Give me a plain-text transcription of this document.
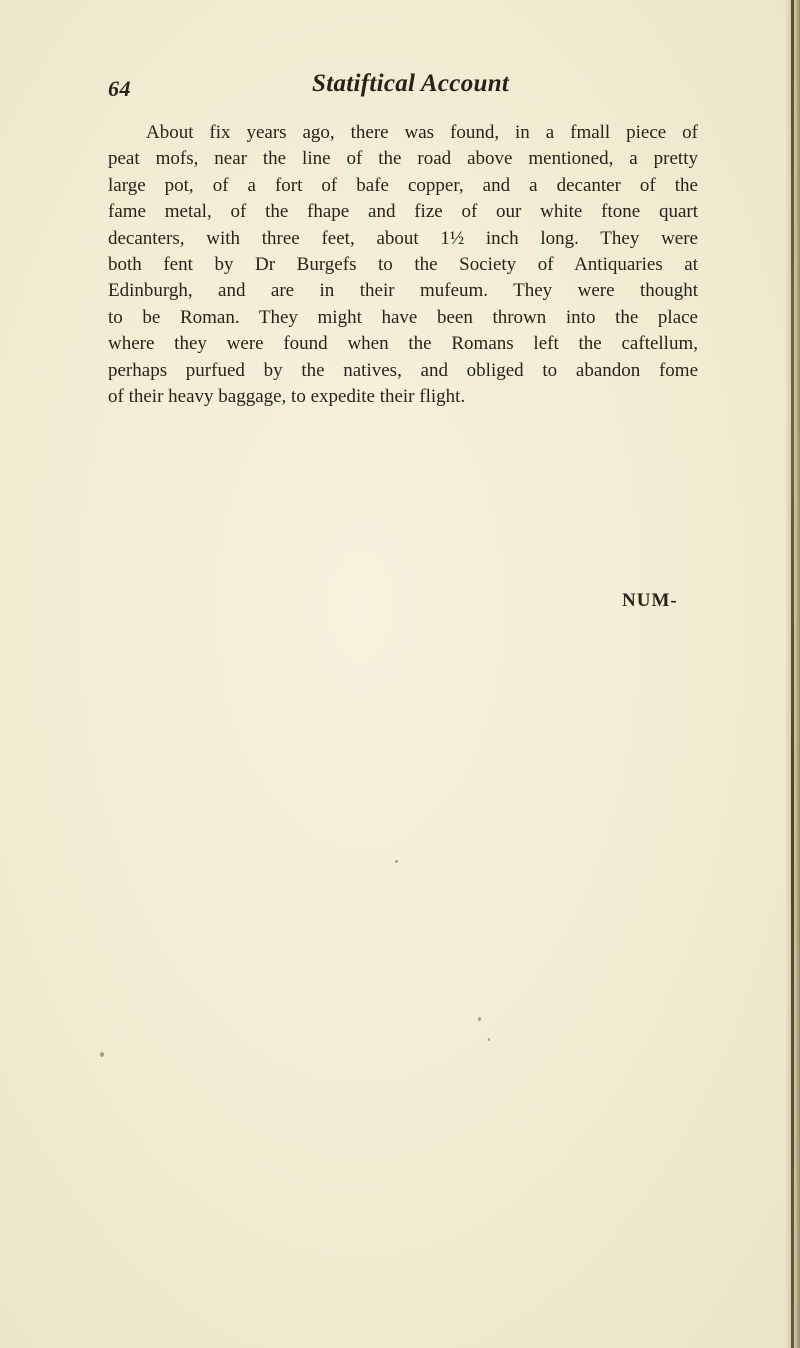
64	Statiftical Account
About fix years ago, there was found, in a fmall piece of
peat mofs, near the line of the road above mentioned, a pretty
large pot, of a fort of bafe copper, and a decanter of the
fame metal, of the fhape and fize of our white ftone quart
decanters, with three feet, about 1½ inch long. They were
both fent by Dr Burgefs to the Society of Antiquaries at
Edinburgh, and are in their mufeum. They were thought
to be Roman. They might have been thrown into the place
where they were found when the Romans left the caftellum,
perhaps purfued by the natives, and obliged to abandon fome
of their heavy baggage, to expedite their flight.
NUM-
